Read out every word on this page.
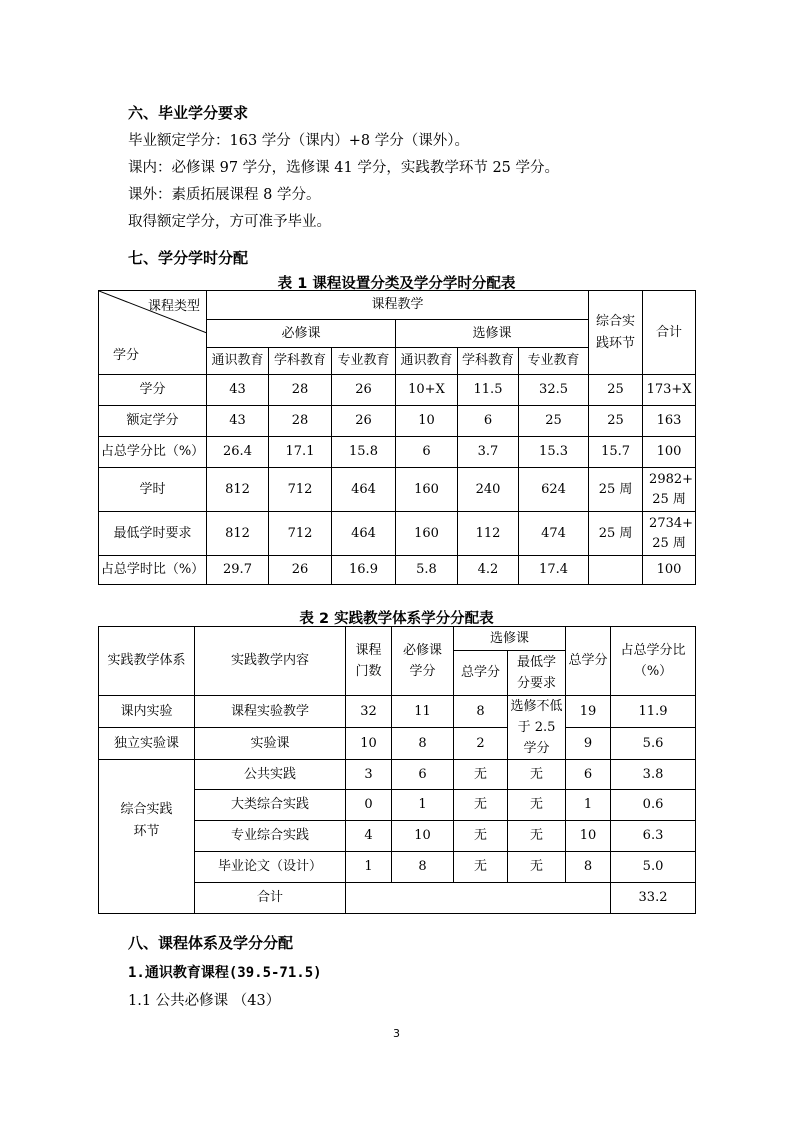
六、毕业学分要求
毕业额定学分：163 学分（课内）+8 学分（课外）。
课内：必修课 97 学分，选修课 41 学分，实践教学环节 25 学分。
课外：素质拓展课程 8 学分。
取得额定学分，方可准予毕业。
七、学分学时分配
表 1 课程设置分类及学分学时分配表
课程类型
学分	课程教学						综合实践环节	合计
	必修课			选修课				
	通识教育	学科教育	专业教育	通识教育	学科教育	专业教育		
学分	43	28	26	10+X	11.5	32.5	25	173+X
额定学分	43	28	26	10	6	25	25	163
占总学分比（%）	26.4	17.1	15.8	6	3.7	15.3	15.7	100
学时	812	712	464	160	240	624	25 周	2982+ 25 周

最低学时要求	812	712	464	160	112	474	25 周	2734+ 25 周

占总学时比（%）	29.7	26	16.9	5.8	4.2	17.4		100
表 2 实践教学体系学分分配表
实践教学体系	实践教学内容	课程门数	必修课学分	选修课		总学分	占总学分比（%）

				总学分	最低学分要求		

课内实验	课程实验教学	32	11	8	选修不低于 2.5 学分	19	11.9
独立实验课	实验课	10	8	2		9	5.6

综合实践环节	公共实践	3	6	无	无	6	3.8
	大类综合实践	0	1	无	无	1	0.6
	专业综合实践	4	10	无	无	10	6.3
	毕业论文（设计）	1	8	无	无	8	5.0
	合计						33.2
八、课程体系及学分分配
1.通识教育课程(39.5-71.5)
1.1 公共必修课 （43）
3
